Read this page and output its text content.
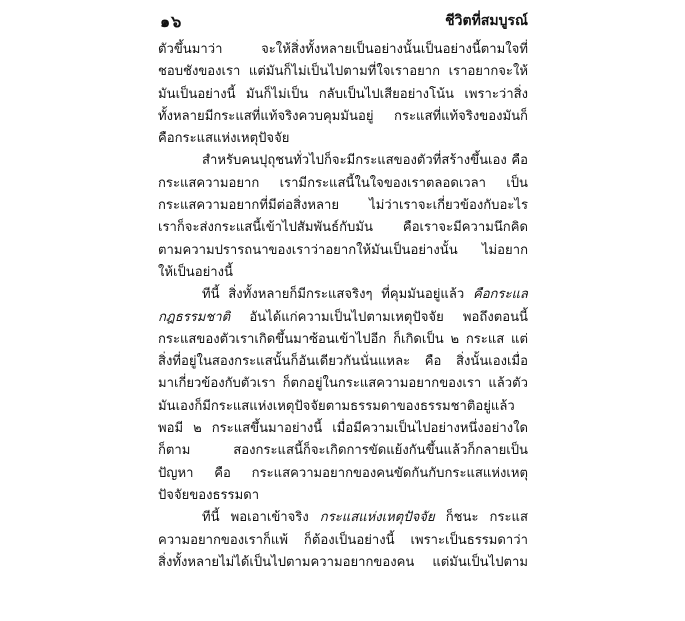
๑๖	ชีวิตที่สมบูรณ์

ตัวขึ้นมาว่า จะให้สิ่งทั้งหลายเป็นอย่างนั้นเป็นอย่างนี้ตามใจที่
ชอบชังของเรา แต่มันก็ไม่เป็นไปตามที่ใจเราอยาก เราอยากจะให้
มันเป็นอย่างนี้ มันก็ไม่เป็น กลับเป็นไปเสียอย่างโน้น เพราะว่าสิ่ง
ทั้งหลายมีกระแสที่แท้จริงควบคุมมันอยู่ กระแสที่แท้จริงของมันก็
คือกระแสแห่งเหตุปัจจัย

สำหรับคนปุถุชนทั่วไปก็จะมีกระแสของตัวที่สร้างขึ้นเอง คือ
กระแสความอยาก เรามีกระแสนี้ในใจของเราตลอดเวลา เป็น
กระแสความอยากที่มีต่อสิ่งหลาย ไม่ว่าเราจะเกี่ยวข้องกับอะไร
เราก็จะส่งกระแสนี้เข้าไปสัมพันธ์กับมัน คือเราจะมีความนึกคิด
ตามความปรารถนาของเราว่าอยากให้มันเป็นอย่างนั้น ไม่อยาก
ให้เป็นอย่างนี้

ทีนี้ สิ่งทั้งหลายก็มีกระแสจริงๆ ที่คุมมันอยู่แล้ว คือกระแส
กฎธรรมชาติ อันได้แก่ความเป็นไปตามเหตุปัจจัย พอถึงตอนนี้
กระแสของตัวเราเกิดขึ้นมาซ้อนเข้าไปอีก ก็เกิดเป็น ๒ กระแส แต่
สิ่งที่อยู่ในสองกระแสนั้นก็อันเดียวกันนั่นแหละ คือ สิ่งนั้นเองเมื่อ
มาเกี่ยวข้องกับตัวเรา ก็ตกอยู่ในกระแสความอยากของเรา แล้วตัว
มันเองก็มีกระแสแห่งเหตุปัจจัยตามธรรมดาของธรรมชาติอยู่แล้ว
พอมี ๒ กระแสขึ้นมาอย่างนี้ เมื่อมีความเป็นไปอย่างหนึ่งอย่างใด
ก็ตาม สองกระแสนี้ก็จะเกิดการขัดแย้งกันขึ้นแล้วก็กลายเป็น
ปัญหา คือ กระแสความอยากของคนขัดกันกับกระแสแห่งเหตุ
ปัจจัยของธรรมดา

ทีนี้ พอเอาเข้าจริง กระแสแห่งเหตุปัจจัย ก็ชนะ กระแส
ความอยากของเราก็แพ้ ก็ต้องเป็นอย่างนี้ เพราะเป็นธรรมดาว่า
สิ่งทั้งหลายไม่ได้เป็นไปตามความอยากของคน แต่มันเป็นไปตาม
